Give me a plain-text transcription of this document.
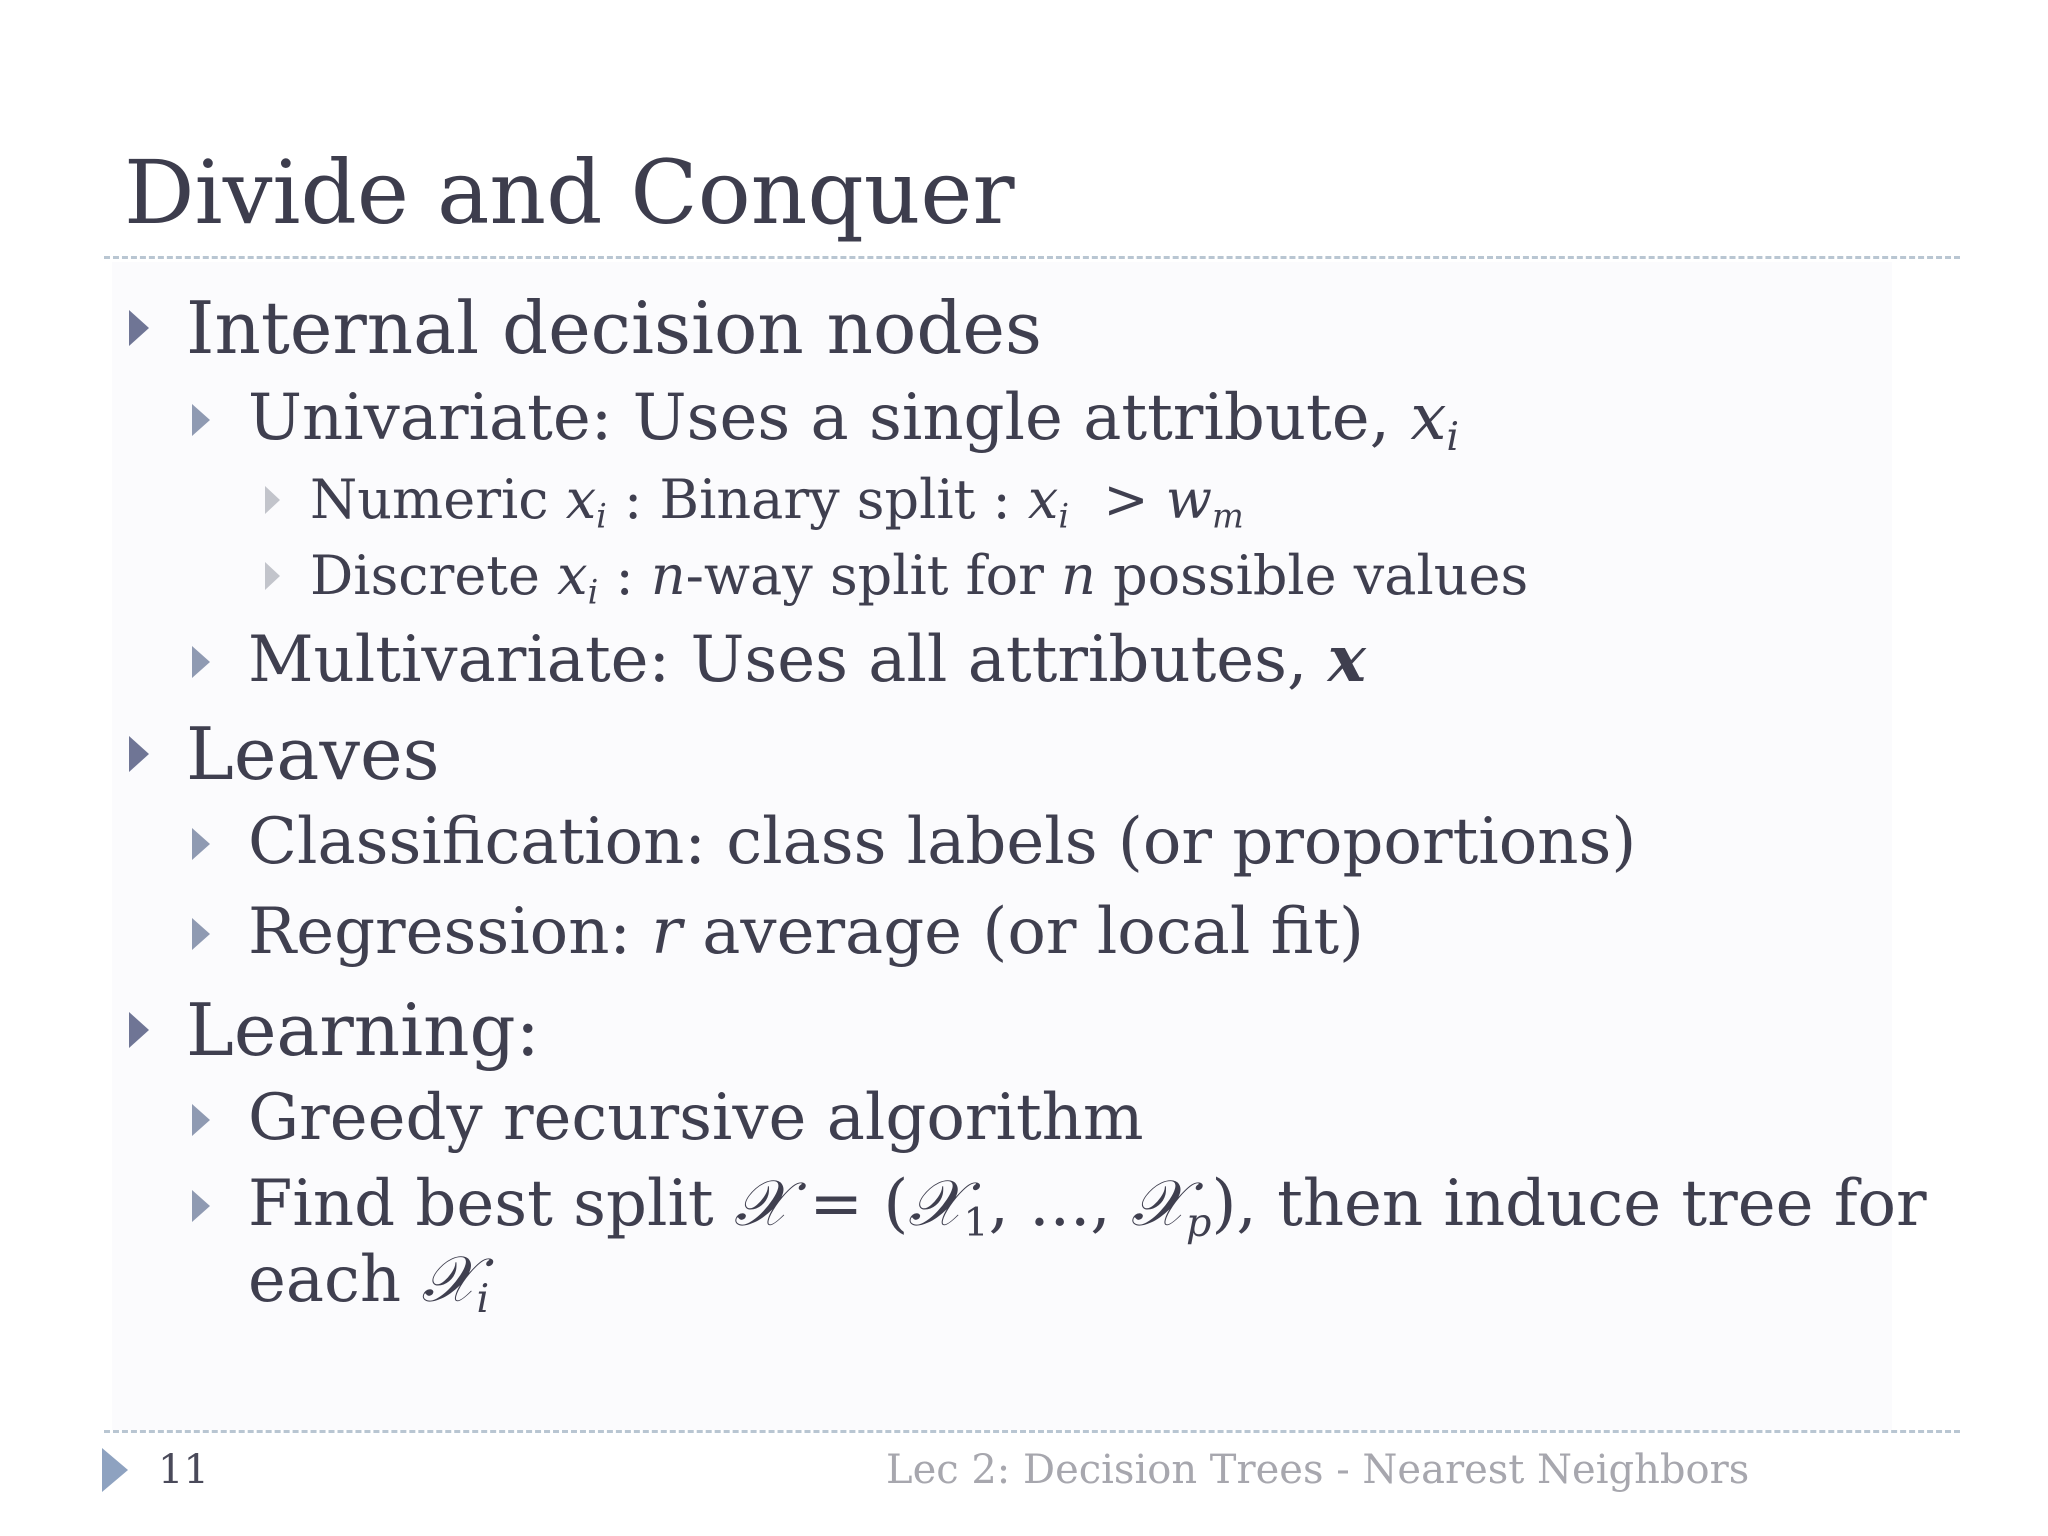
Divide and Conquer
Internal decision nodes
Univariate: Uses a single attribute, $x_i$
Numeric $x_i$ : Binary split : $x_i > w_m$
Discrete $x_i$ : n-way split for n possible values
Multivariate: Uses all attributes, x
Leaves
Classification: class labels (or proportions)
Regression: r average (or local fit)
Learning:
Greedy recursive algorithm
Find best split 𝒳 = (𝒳$_1$, ..., 𝒳$_p$), then induce tree for each 𝒳$_i$
11	Lec 2: Decision Trees - Nearest Neighbors
